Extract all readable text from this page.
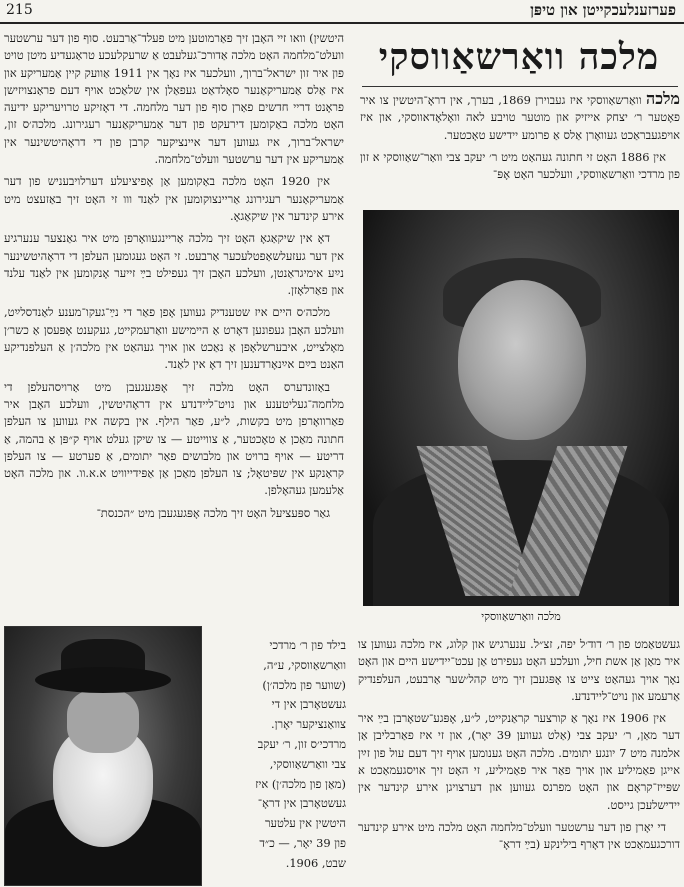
215	פערזענלעכקייטן און טיפּן

היטשין) וואו זיי האָבן זיך פאַרמוטען מיט פעלד־אַרבעט. סוף פון דער ערשטער וועלט־מלחמה האָט מלכה אַדורכ־געלעבט אַ שרעקלעכע טראַגעדיע מיטן טויט פון איר זון ישראל־ברוך, וועלכער איז נאָך אין 1911 אַוועק קיין אַמעריקע און איז אַלס אַמעריקאַנער סאָלדאַט געפאַלן אין שלאַכט אויף דעם פראַנצויזישן פראָנט דריי חדשים פאַרן סוף פון דער מלחמה. די דאָזיקע טרויעריקע ידיעה האָט מלכה באַקומען דירעקט פון דער אַמעריקאַנער רעגירונג. מלכה׳ס זון, ישראל־ברוך, איז געווען דער איינציקער קרבן פון די דראָהיטשינער אין אַמעריקע אין דער ערשטער וועלט־מלחמה.

אין 1920 האָט מלכה באַקומען אַן אָפיציעלע דערלויבעניש פון דער אַמעריקאַנער רעגירונג אַריינצוקומען אין לאַנד ווו זי האָט זיך באַזעצט מיט אירע קינדער אין שיקאַגאָ.

דאָ אין שיקאַגאָ האָט זיך מלכה אַריינגעוואָרפן מיט איר גאַנצער ענערגיע אין דער געזעלשאַפטלעכער אַרבעט. זי האָט געגומען העלפן די דראָהיטשינער נײַע אימיגראַנטן, וועלכע האָבן זיך געפילט בײַ זייער אָנקומען אין לאַנד עלנד און פאַרלאָזן.

מלכה׳ס היים איז שטענדיק געווען אָפן פאַר די נײַ־געקו־מענע לאַנדסלײַט, וועלכע האָבן געפונען דאָרט אַ היימישע וואַרעמקייט, געקענט אָפּעסן אַ כשר׳ן מאָלצייט, איבערשלאָפן אַ נאַכט און אויך געהאַט אין מלכה׳ן אַ העלפנדיקע האַנט בײַם אײַנאָרדענען זיך דאָ אין לאַנד.

באַזונדערס האָט מלכה זיך אָפּגעגעבן מיט אַרויסהעלפן די מלחמה־געליטענע און נויט־ליידנדע אין דראָהיטשין, וועלכע האָבן איר פאַרוואָרפן מיט בקשות, ל״ע, פאַר הילף. אין בקשה איז געווען צו העלפן חתונה מאַכן אַ טאָכטער, אַ צווייטע — צו שיקן געלט אויף ק״פּן אַ בהמה, אַ דריטע — אויף ברויט און מלבושים פאַר יתומים, אַ פערטע — צו העלפן קראַנקע אין שפּיטאָל; צו העלפן מאַכן אַן אַפּידייוויט א.א.וו. און מלכה האָט אַלעמען געהאָלפן.

גאַר ספּעציעל האָט זיך מלכה אָפּגעגעבן מיט ״הכנסת־

מלכה וואַרשאַווסקי

מלכה וואַרשאַווסקי איז געבוירן 1869, בערך, אין דראָ־היטשין צו איר פאָטער ר׳ יצחק אייזיק און מוטער טויבע לאה וואָלאָדאווסקי, און איז אויפגעבראַכט געוואָרן אַלס אַ פרומע יידישע טאָכטער.

אין 1886 האָט זי חתונה געהאַט מיט ר׳ יעקב צבי וואַר־שאַווסקי א זון פון מרדכי וואַרשאַווסקי, וועלכער האָט אָפּ־

מלכה וואַרשאַווסקי

געשטאַמט פון ר׳ דוד׳ל יפה, זצ״ל. ענערגיש און קלוג, איז מלכה געווען צו איר מאַן אַן אשת חיל, וועלכע האָט געפירט אַן עכט־יידישע היים און האָט נאָך אויך געהאַט צייט צו אָפּגעבן זיך מיט קהל׳שער אַרבעט, העלפנדיק אַרעמע און נויט־ליידנדע.

אין 1906 איז נאָך אַ קורצער קראַנקייט, ל״ע, אָפּגע־שטאָרבן בײַ איר דער מאַן, ר׳ יעקב צבי (אַלט געווען 39 יאָר), און זי איז פאַרבליבן אַן אלמנה מיט 7 יונגע יתומים. מלכה האָט גענומען אויף זיך דעם עול פון זײַן אייגן פאַמיליע און אויך פאַר איר פאַמיליע, זי האָט זיך אויסגעמאַכט א שפּייז־קראָם און האָט מפרנס געווען און דערצויגן אירע קינדער אין יידישלעכן גייסט.

די יאָרן פון דער ערשטער וועלט־מלחמה האָט מלכה מיט אירע קינדער דורכגעמאַכט אין דאָרף בילינקע (בײַ דראָ־

בילד פון ר׳ מרדכי
וואַרשאַווסקי, ע״ה,
(שווער פון מלכה׳ן)
געשטאָרבן אין די
צוואַנציקער יאָרן.
מרדכי׳ס זון, ר׳ יעקב
צבי וואַרשאַווסקי,
(מאַן פון מלכה׳ן) איז
געשטאָרבן אין דראָ־
היטשין אין עלטער
פון 39 יאָר, — כ״ד
שבט, 1906.
